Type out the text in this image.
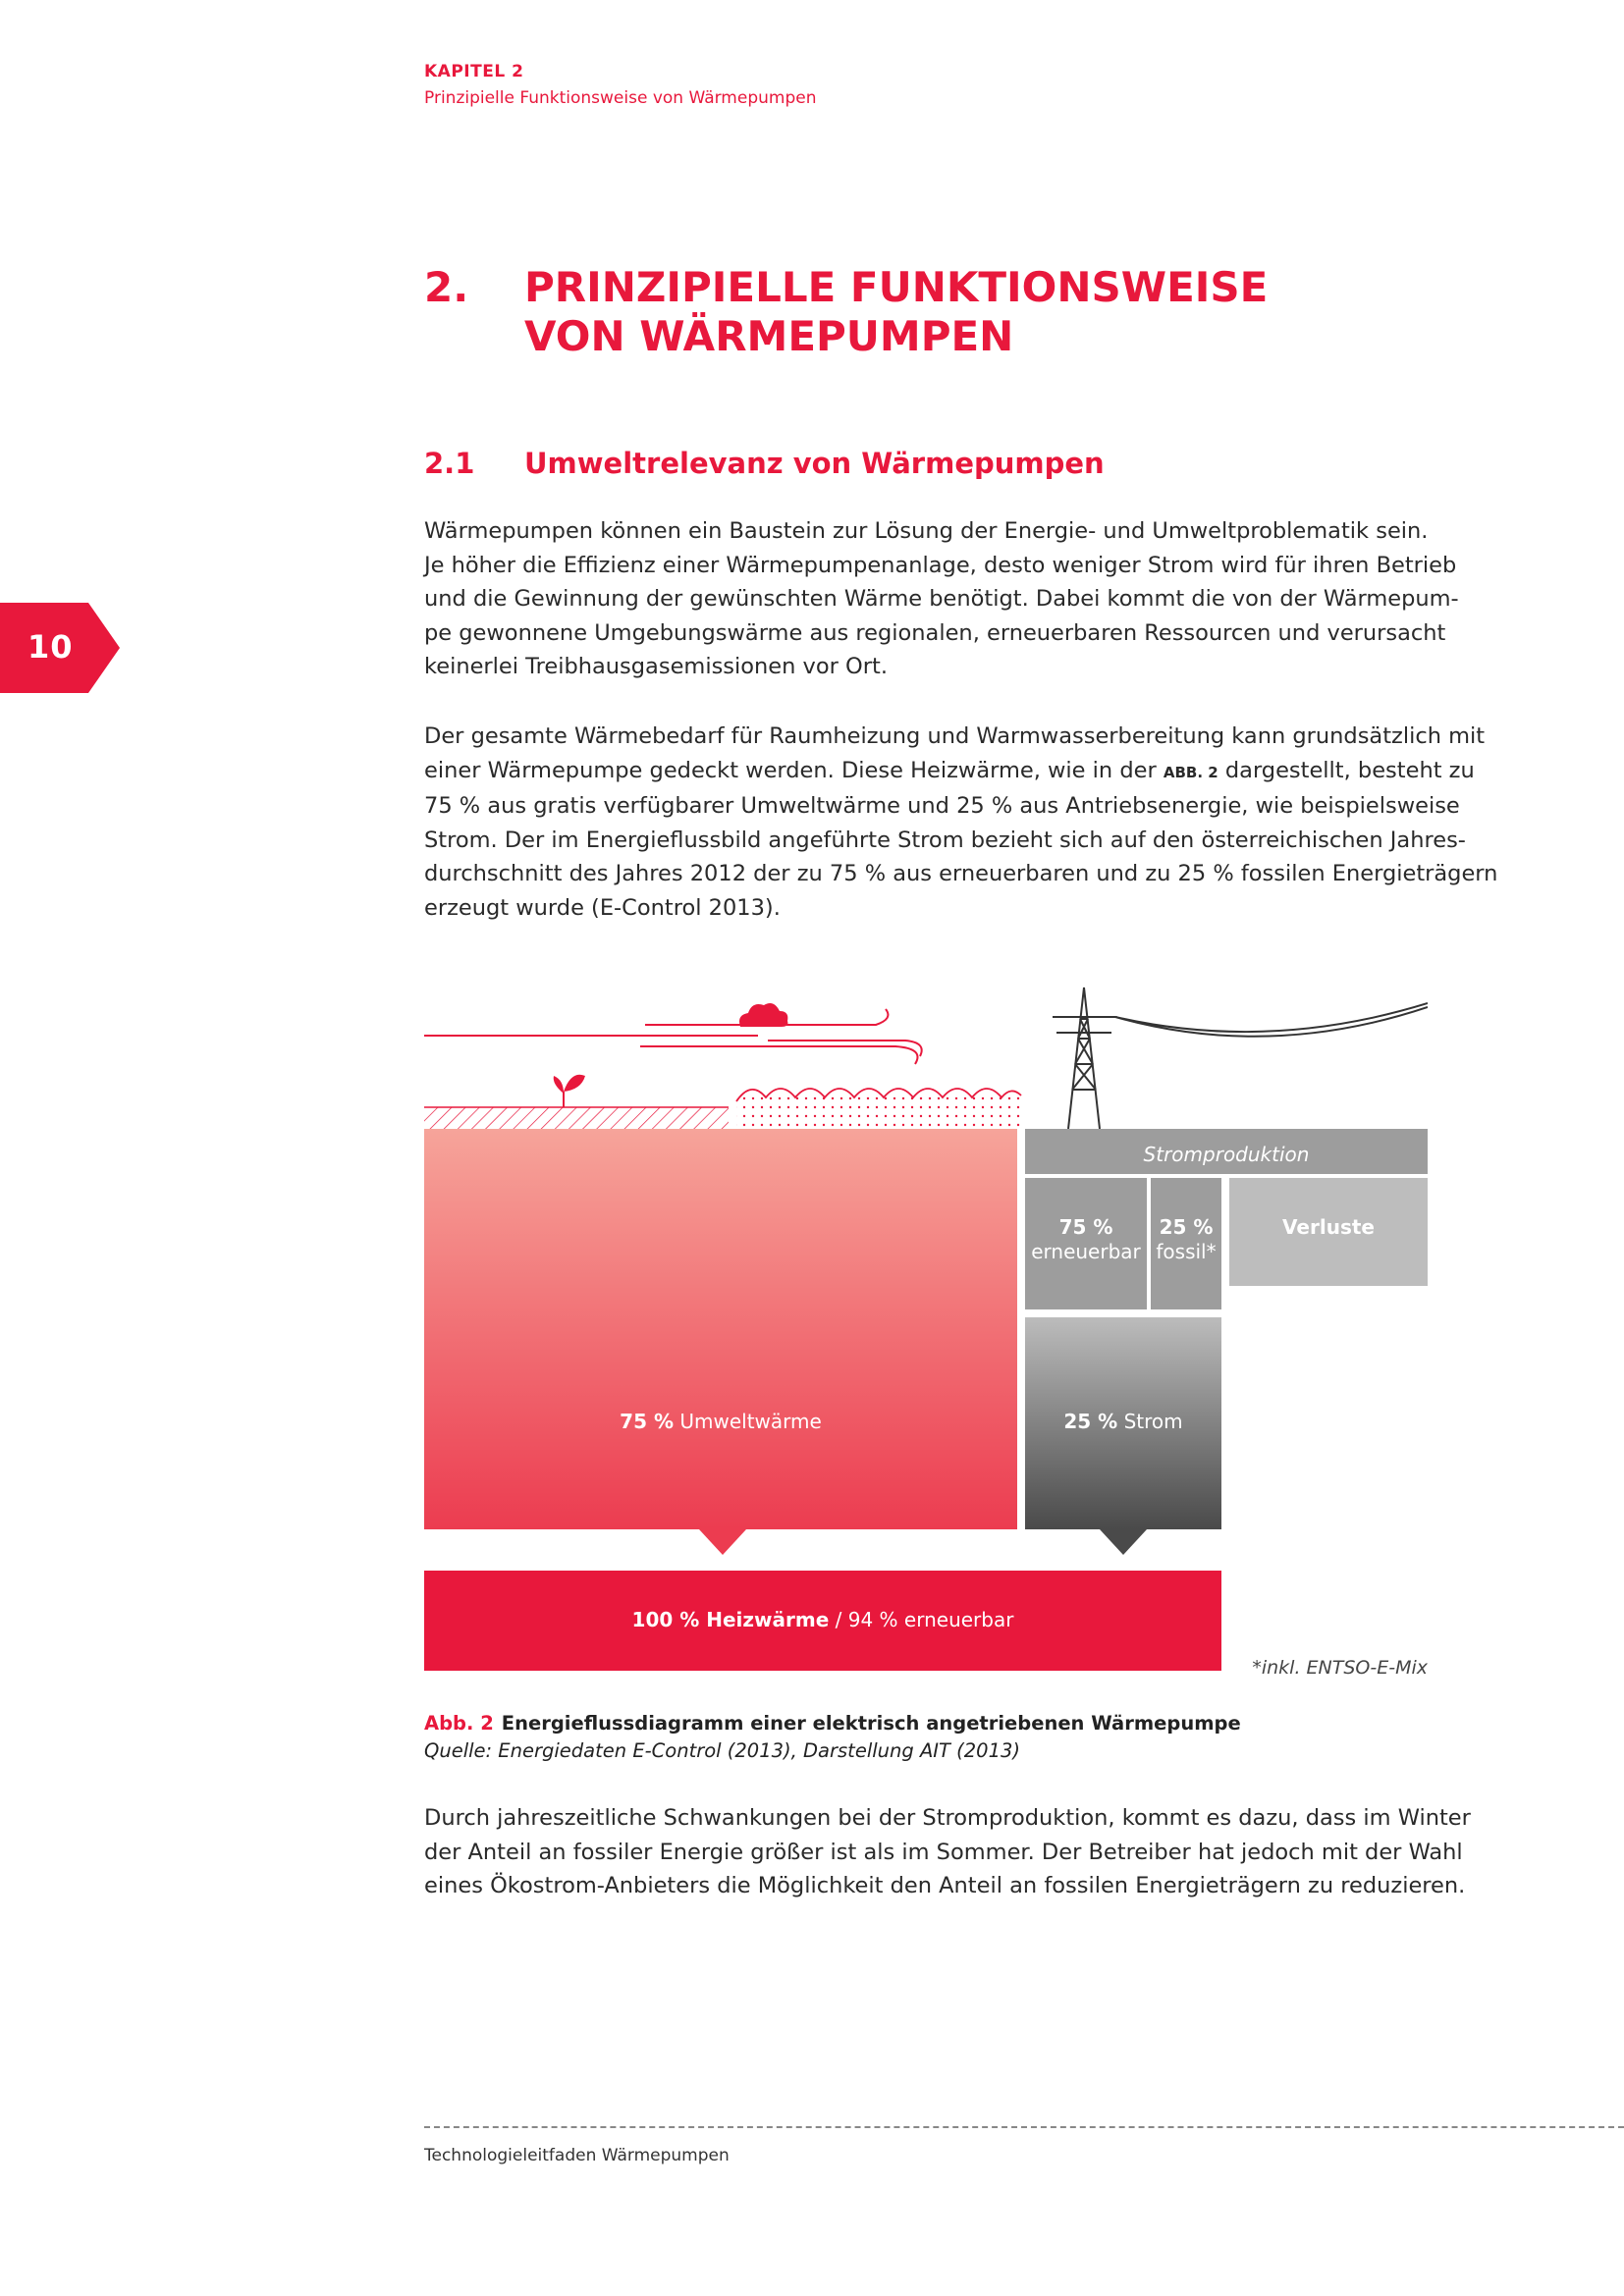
KAPITEL 2
Prinzipielle Funktionsweise von Wärmepumpen
10
2. PRINZIPIELLE FUNKTIONSWEISE
VON WÄRMEPUMPEN
2.1 Umweltrelevanz von Wärmepumpen
Wärmepumpen können ein Baustein zur Lösung der Energie- und Umweltproblematik sein.
Je höher die Effizienz einer Wärmepumpenanlage, desto weniger Strom wird für ihren Betrieb
und die Gewinnung der gewünschten Wärme benötigt. Dabei kommt die von der Wärmepum-
pe gewonnene Umgebungswärme aus regionalen, erneuerbaren Ressourcen und verursacht
keinerlei Treibhausgasemissionen vor Ort.
Der gesamte Wärmebedarf für Raumheizung und Warmwasserbereitung kann grundsätzlich mit
einer Wärmepumpe gedeckt werden. Diese Heizwärme, wie in der ABB. 2 dargestellt, besteht zu
75 % aus gratis verfügbarer Umweltwärme und 25 % aus Antriebsenergie, wie beispielsweise
Strom. Der im Energieflussbild angeführte Strom bezieht sich auf den österreichischen Jahres-
durchschnitt des Jahres 2012 der zu 75 % aus erneuerbaren und zu 25 % fossilen Energieträgern
erzeugt wurde (E-Control 2013).
Stromproduktion
75 %
erneuerbar
25 %
fossil*
Verluste
75 % Umweltwärme	25 % Strom
100 % Heizwärme / 94 % erneuerbar
*inkl. ENTSO-E-Mix
Abb. 2 Energieflussdiagramm einer elektrisch angetriebenen Wärmepumpe
Quelle: Energiedaten E-Control (2013), Darstellung AIT (2013)
Durch jahreszeitliche Schwankungen bei der Stromproduktion, kommt es dazu, dass im Winter
der Anteil an fossiler Energie größer ist als im Sommer. Der Betreiber hat jedoch mit der Wahl
eines Ökostrom-Anbieters die Möglichkeit den Anteil an fossilen Energieträgern zu reduzieren.
Technologieleitfaden Wärmepumpen
